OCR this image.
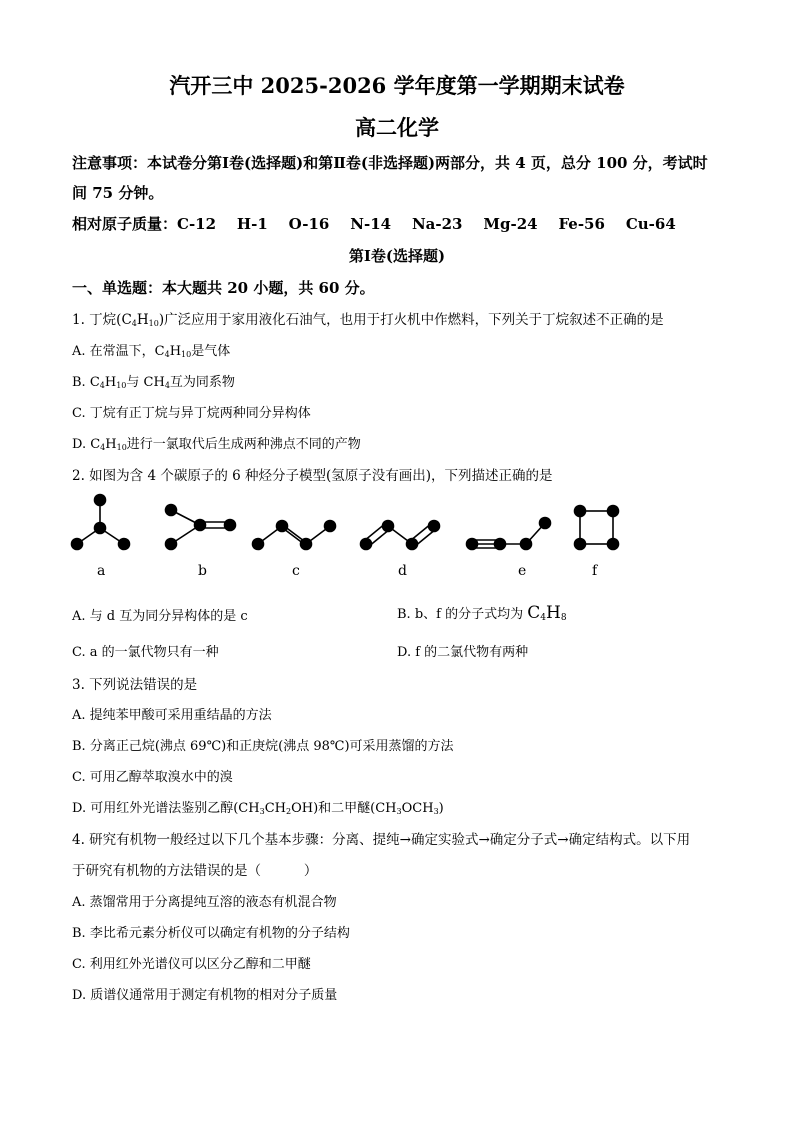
汽开三中 2025-2026 学年度第一学期期末试卷
高二化学
注意事项：本试卷分第Ⅰ卷(选择题)和第Ⅱ卷(非选择题)两部分，共 4 页，总分 100 分，考试时
间 75 分钟。
相对原子质量：C-12    H-1    O-16    N-14    Na-23    Mg-24    Fe-56    Cu-64
第Ⅰ卷(选择题)
一、单选题：本大题共 20 小题，共 60 分。
1. 丁烷$(C_4H_{10})$广泛应用于家用液化石油气，也用于打火机中作燃料，下列关于丁烷叙述不正确的是
A. 在常温下，$C_4H_{10}$是气体
B. $C_4H_{10}$与 $CH_4$互为同系物
C. 丁烷有正丁烷与异丁烷两种同分异构体
D. $C_4H_{10}$进行一氯取代后生成两种沸点不同的产物
2. 如图为含 4 个碳原子的 6 种烃分子模型(氢原子没有画出)，下列描述正确的是
a	b	c	d	e	f
A. 与 d 互为同分异构体的是 c	B. b、f 的分子式均为 $C_4H_8$
C. a 的一氯代物只有一种	D. f 的二氯代物有两种
3. 下列说法错误的是
A. 提纯苯甲酸可采用重结晶的方法
B. 分离正己烷(沸点 69℃)和正庚烷(沸点 98℃)可采用蒸馏的方法
C. 可用乙醇萃取溴水中的溴
D. 可用红外光谱法鉴别乙醇$(CH_3CH_2OH)$和二甲醚$(CH_3OCH_3)$
4. 研究有机物一般经过以下几个基本步骤：分离、提纯→确定实验式→确定分子式→确定结构式。以下用
于研究有机物的方法错误的是（          ）
A. 蒸馏常用于分离提纯互溶的液态有机混合物
B. 李比希元素分析仪可以确定有机物的分子结构
C. 利用红外光谱仪可以区分乙醇和二甲醚
D. 质谱仪通常用于测定有机物的相对分子质量
